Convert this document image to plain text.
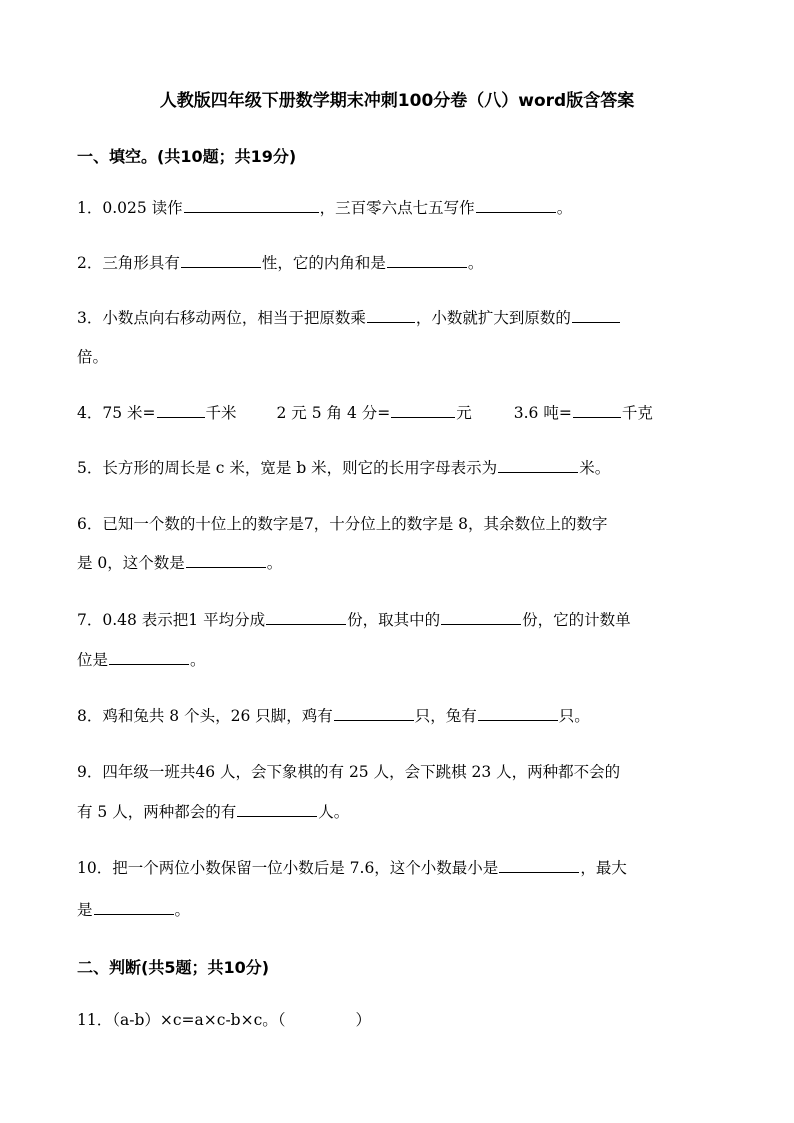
人教版四年级下册数学期末冲刺100分卷（八）word版含答案
一、填空。(共10题；共19分)
1．0.025 读作	，三百零六点七五写作	。
2．三角形具有	性，它的内角和是	。
3．小数点向右移动两位，相当于把原数乘	，小数就扩大到原数的
倍。
4．75 米=	千米	2 元 5 角 4 分=	元	3.6 吨=	千克
5．长方形的周长是 c 米，宽是 b 米，则它的长用字母表示为	米。
6．已知一个数的十位上的数字是7，十分位上的数字是 8，其余数位上的数字
是 0，这个数是	。
7．0.48 表示把1 平均分成	份，取其中的	份，它的计数单
位是	。
8．鸡和兔共 8 个头，26 只脚，鸡有	只，兔有	只。
9．四年级一班共46 人，会下象棋的有 25 人，会下跳棋 23 人，两种都不会的
有 5 人，两种都会的有	人。
10．把一个两位小数保留一位小数后是 7.6，这个小数最小是	，最大
是	。
二、判断(共5题；共10分)
11．（a-b）×c=a×c-b×c。（	）
